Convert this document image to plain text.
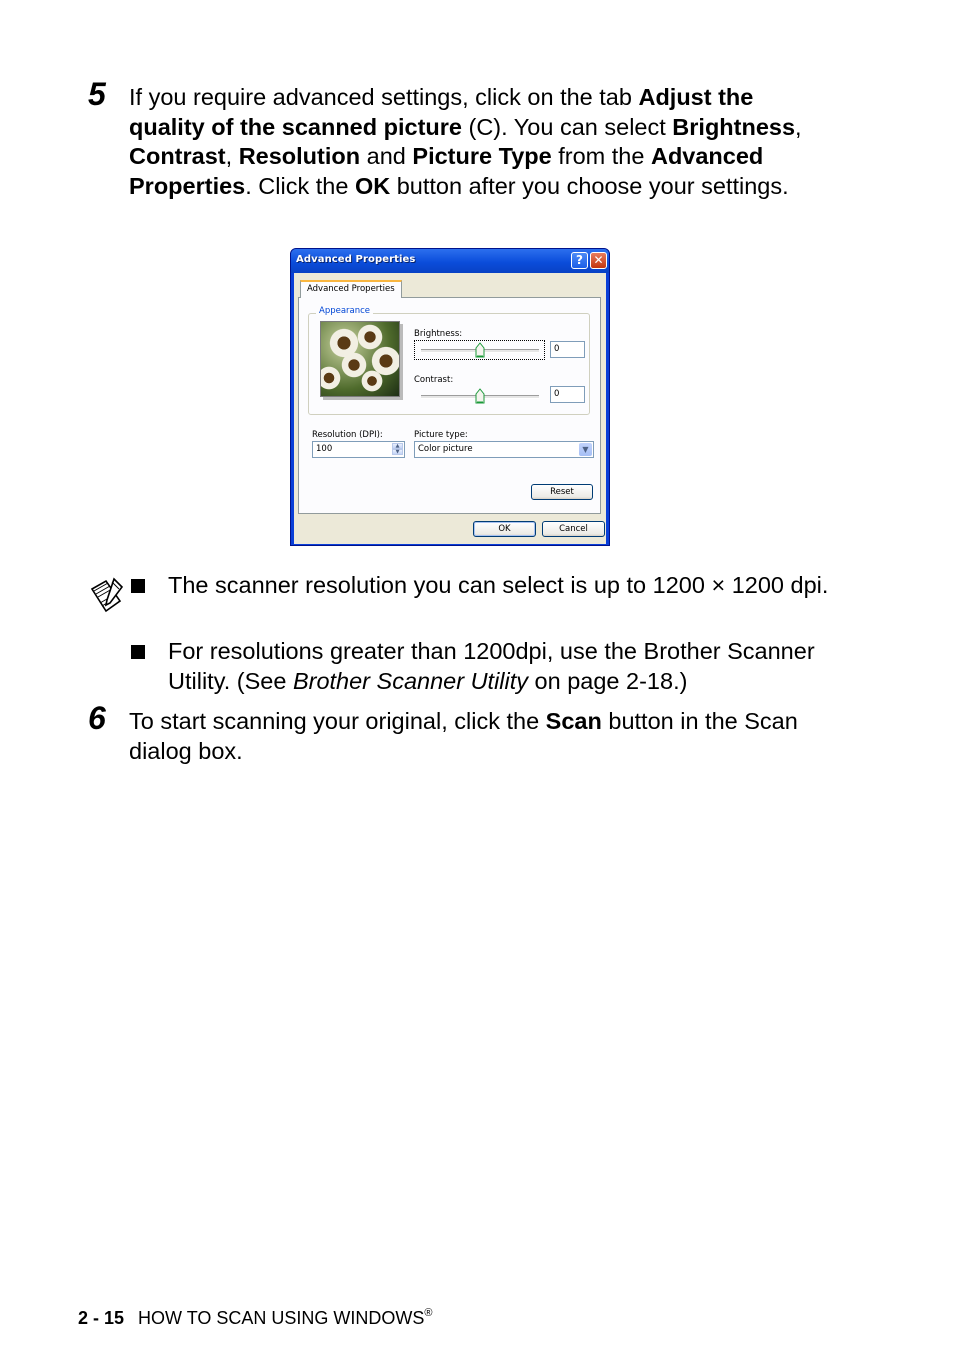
5 If you require advanced settings, click on the tab Adjust the quality of the scanned picture (C). You can select Brightness, Contrast, Resolution and Picture Type from the Advanced Properties. Click the OK button after you choose your settings.
Advanced Properties	? ✕
Advanced Properties
Appearance
Brightness:
0
Contrast:
0
Resolution (DPI):
100	▲
▼
Picture type:
Color picture	▼
Reset
OK	Cancel
The scanner resolution you can select is up to 1200 × 1200 dpi.
For resolutions greater than 1200dpi, use the Brother Scanner Utility. (See Brother Scanner Utility on page 2-18.)
6 To start scanning your original, click the Scan button in the Scan dialog box.
2 - 15 HOW TO SCAN USING WINDOWS®
